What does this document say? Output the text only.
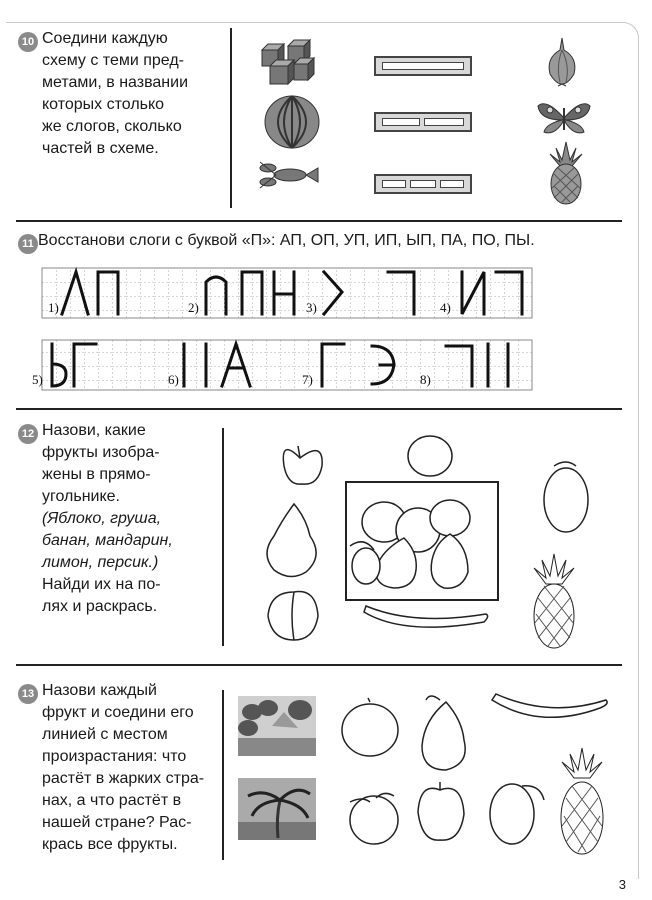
10 Соедини каждую
схему с теми пред-
метами, в названии
которых столько
же слогов, сколько
частей в схеме.
11 Восстанови слоги с буквой «П»: АП, ОП, УП, ИП, ЫП, ПА, ПО, ПЫ.
1)	2)	3)	4)
5)	6)	7)	8)
12 Назови, какие
фрукты изобра-
жены в прямо-
угольнике.
(Яблоко, груша,
банан, мандарин,
лимон, персик.)
Найди их на по-
лях и раскрась.
13 Назови каждый
фрукт и соедини его
линией с местом
произрастания: что
растёт в жарких стра-
нах, а что растёт в
нашей стране? Рас-
крась все фрукты.
3
